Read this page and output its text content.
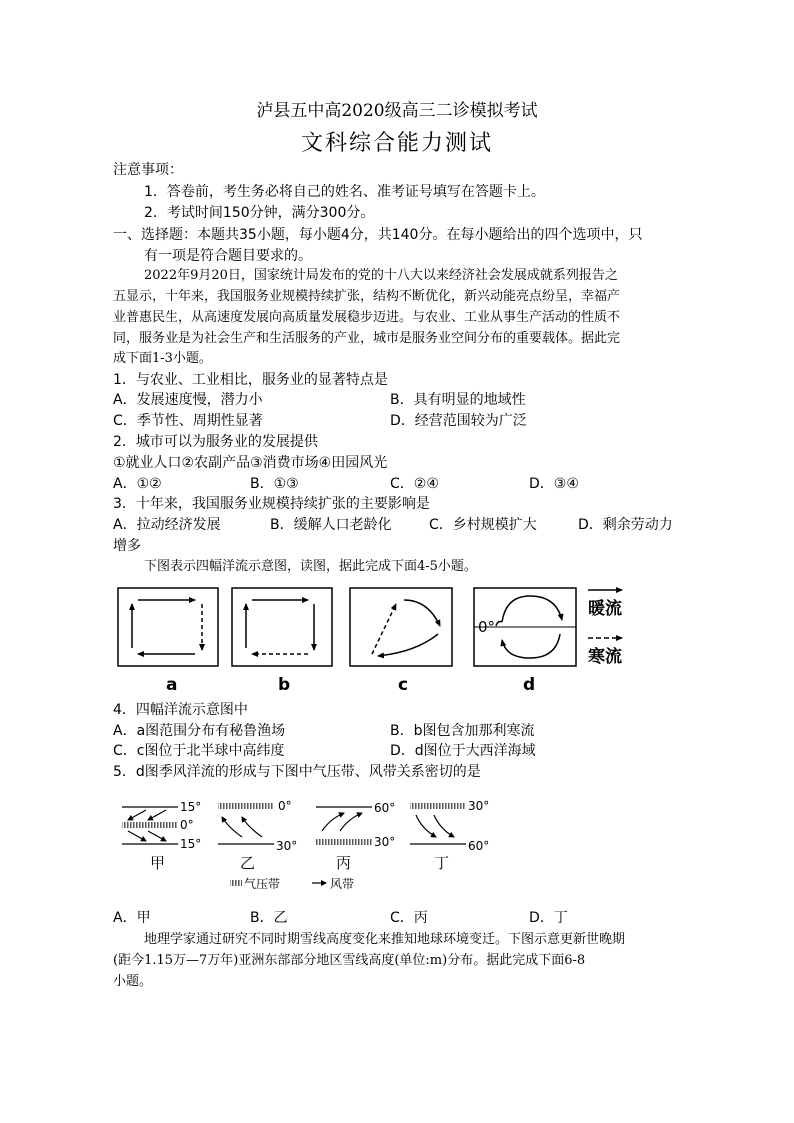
泸县五中高2020级高三二诊模拟考试
文科综合能力测试
注意事项：
1．答卷前，考生务必将自己的姓名、准考证号填写在答题卡上。
2．考试时间150分钟，满分300分。
一、选择题：本题共35小题，每小题4分，共140分。在每小题给出的四个选项中，只
有一项是符合题目要求的。
2022年9月20日，国家统计局发布的党的十八大以来经济社会发展成就系列报告之
五显示，十年来，我国服务业规模持续扩张，结构不断优化，新兴动能亮点纷呈，幸福产
业普惠民生，从高速度发展向高质量发展稳步迈进。与农业、工业从事生产活动的性质不
同，服务业是为社会生产和生活服务的产业，城市是服务业空间分布的重要载体。据此完
成下面1-3小题。
1．与农业、工业相比，服务业的显著特点是
A．发展速度慢，潜力小	B．具有明显的地域性
C．季节性、周期性显著	D．经营范围较为广泛
2．城市可以为服务业的发展提供
①就业人口②农副产品③消费市场④田园风光
A．①②	B．①③	C．②④	D．③④
3．十年来，我国服务业规模持续扩张的主要影响是
A．拉动经济发展	B．缓解人口老龄化	C．乡村规模扩大	D．剩余劳动力
增多
下图表示四幅洋流示意图，读图，据此完成下面4-5小题。
0°
暖流
寒流
a	b	c	d
4．四幅洋流示意图中
A．a图范围分布有秘鲁渔场	B．b图包含加那利寒流
C．c图位于北半球中高纬度	D．d图位于大西洋海域
5．d图季风洋流的形成与下图中气压带、风带关系密切的是
15°
0°
15°
甲
0°
30°
乙
60°
30°
丙
30°
60°
丁
气压带	风带
A．甲	B．乙	C．丙	D．丁
地理学家通过研究不同时期雪线高度变化来推知地球环境变迁。下图示意更新世晚期
(距今1.15万—7万年)亚洲东部部分地区雪线高度(单位:m)分布。据此完成下面6-8
小题。
